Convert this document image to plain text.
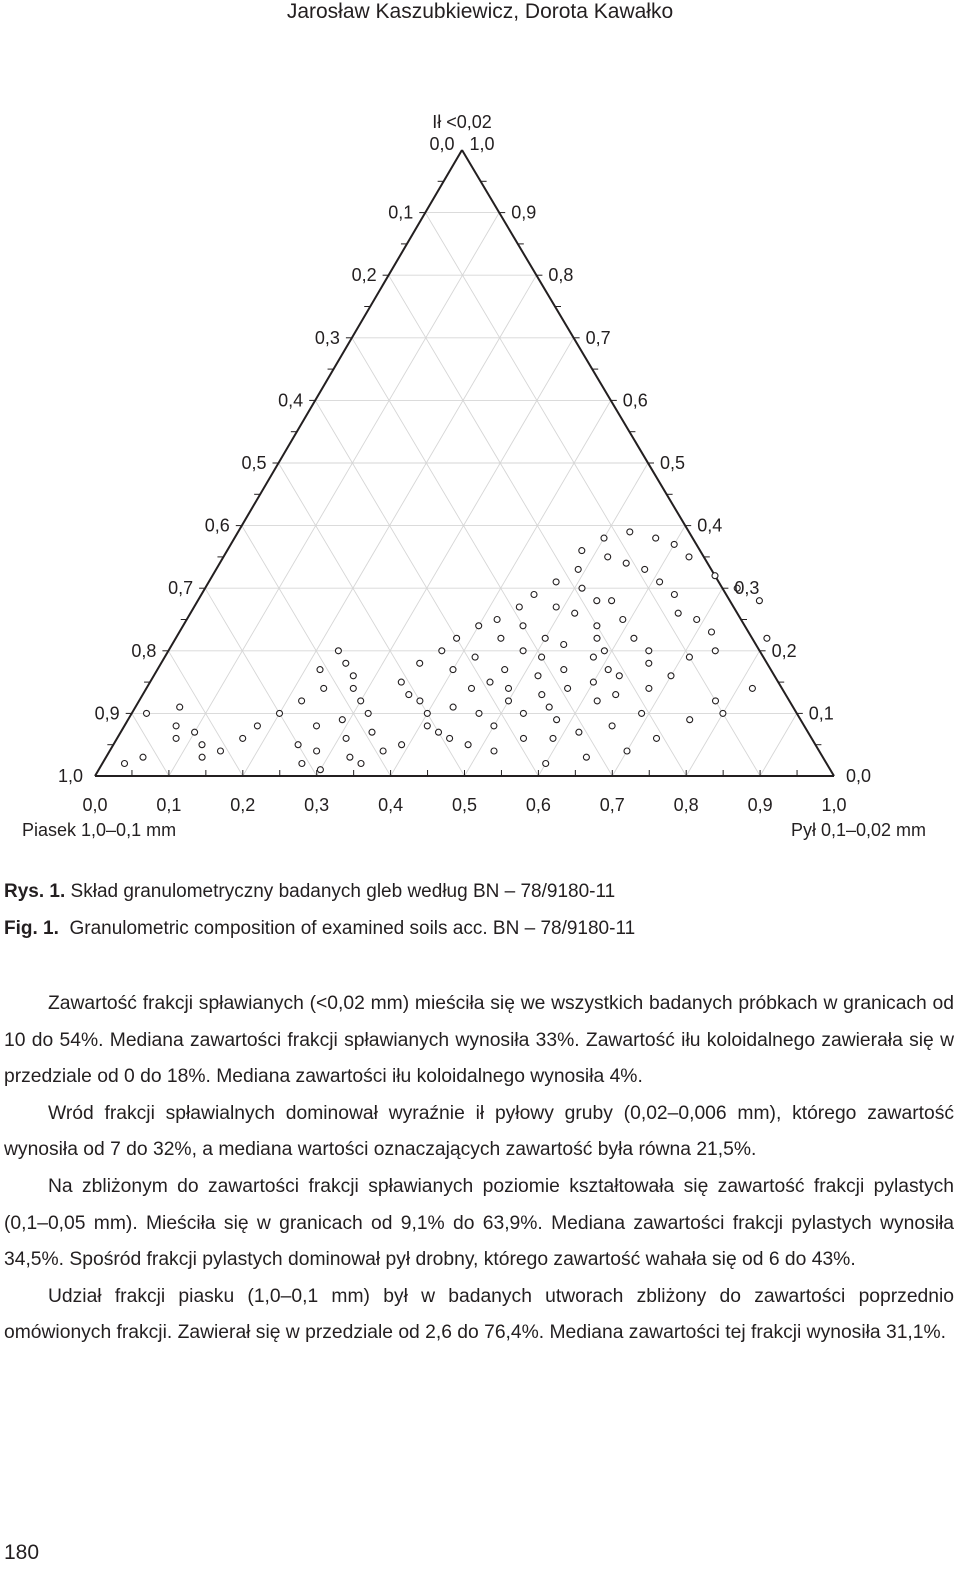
Jarosław Kaszubkiewicz, Dorota Kawałko
Ił <0,02
0,0   1,0
0,1
0,2
0,3
0,4
0,5
0,6
0,7
0,8
0,9
1,0
0,9
0,8
0,7
0,6
0,5
0,4
0,3
0,2
0,1
0,0
0,0	0,1	0,2	0,3	0,4	0,5	0,6	0,7	0,8	0,9	1,0
Piasek 1,0–0,1 mm	Pył 0,1–0,02 mm
Rys. 1. Skład granulometryczny badanych gleb według BN – 78/9180-11
Fig. 1.  Granulometric composition of examined soils acc. BN – 78/9180-11

Zawartość frakcji spławianych (<0,02 mm) mieściła się we wszystkich badanych próbkach w granicach od 10 do 54%. Mediana zawartości frakcji spławianych wynosiła 33%. Zawartość iłu koloidalnego zawierała się w przedziale od 0 do 18%. Mediana zawartości iłu koloidalnego wynosiła 4%.

Wród frakcji spławialnych dominował wyraźnie ił pyłowy gruby (0,02–0,006 mm), którego zawartość wynosiła od 7 do 32%, a mediana wartości oznaczających zawartość była równa 21,5%.

Na zbliżonym do zawartości frakcji spławianych poziomie kształtowała się zawartość frakcji pylastych (0,1–0,05 mm). Mieściła się w granicach od 9,1% do 63,9%. Mediana zawartości frakcji pylastych wynosiła 34,5%. Spośród frakcji pylastych dominował pył drobny, którego zawartość wahała się od 6 do 43%.

Udział frakcji piasku (1,0–0,1 mm) był w badanych utworach zbliżony do zawartości poprzednio omówionych frakcji. Zawierał się w przedziale od 2,6 do 76,4%. Mediana zawartości tej frakcji wynosiła 31,1%.

180
